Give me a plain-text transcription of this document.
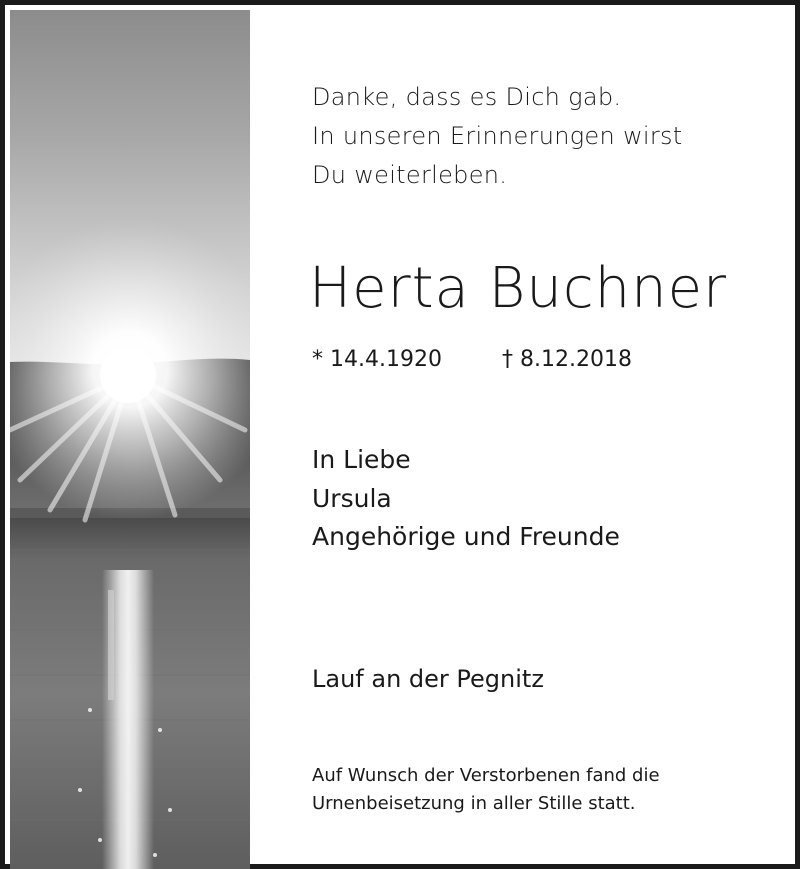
Danke, dass es Dich gab.
In unseren Erinnerungen wirst
Du weiterleben.
Herta Buchner
* 14.4.1920	† 8.12.2018
In Liebe
Ursula
Angehörige und Freunde
Lauf an der Pegnitz
Auf Wunsch der Verstorbenen fand die
Urnenbeisetzung in aller Stille statt.
